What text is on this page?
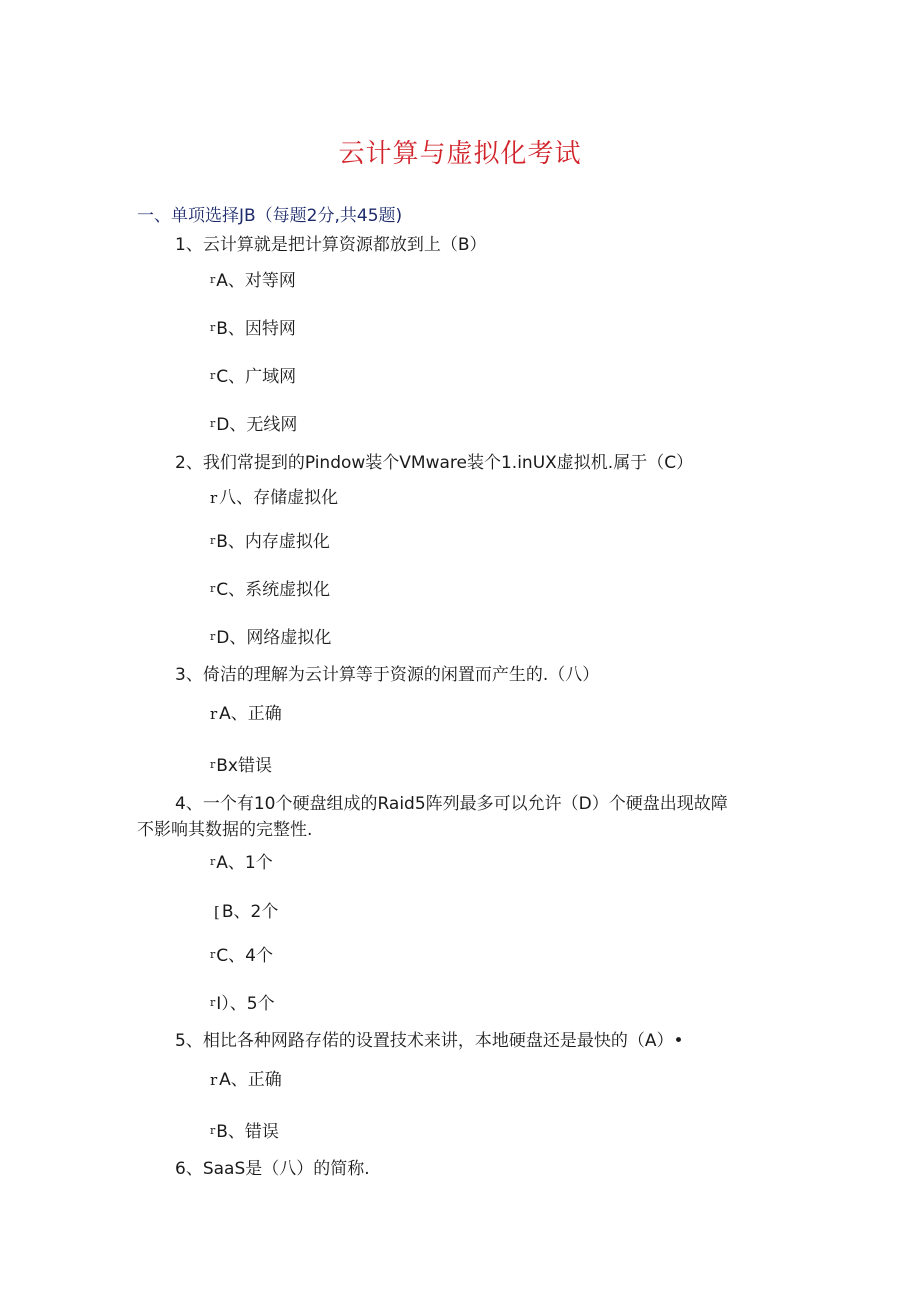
云计算与虚拟化考试
一、单项选择JB（每题2分,共45题)
1、云计算就是把计算资源都放到上（B）
rA、对等网
rB、因特网
rC、广域网
rD、无线网
2、我们常提到的Pindow装个VMware装个1.inUX虚拟机.属于（C）
r 八、存储虚拟化
rB、内存虚拟化
rC、系统虚拟化
rD、网络虚拟化
3、倚洁的理解为云计算等于资源的闲置而产生的.（八）
r A、正确
rBx错误
4、一个有10个硬盘组成的Raid5阵列最多可以允许（D）个硬盘出现故障
不影响其数据的完整性.
rA、1个
[ B、2个
rC、4个
rI）、5个
5、相比各种网路存偌的设置技术来讲，本地硬盘还是最快的（A）•
r A、正确
rB、错误
6、SaaS是（八）的简称.
